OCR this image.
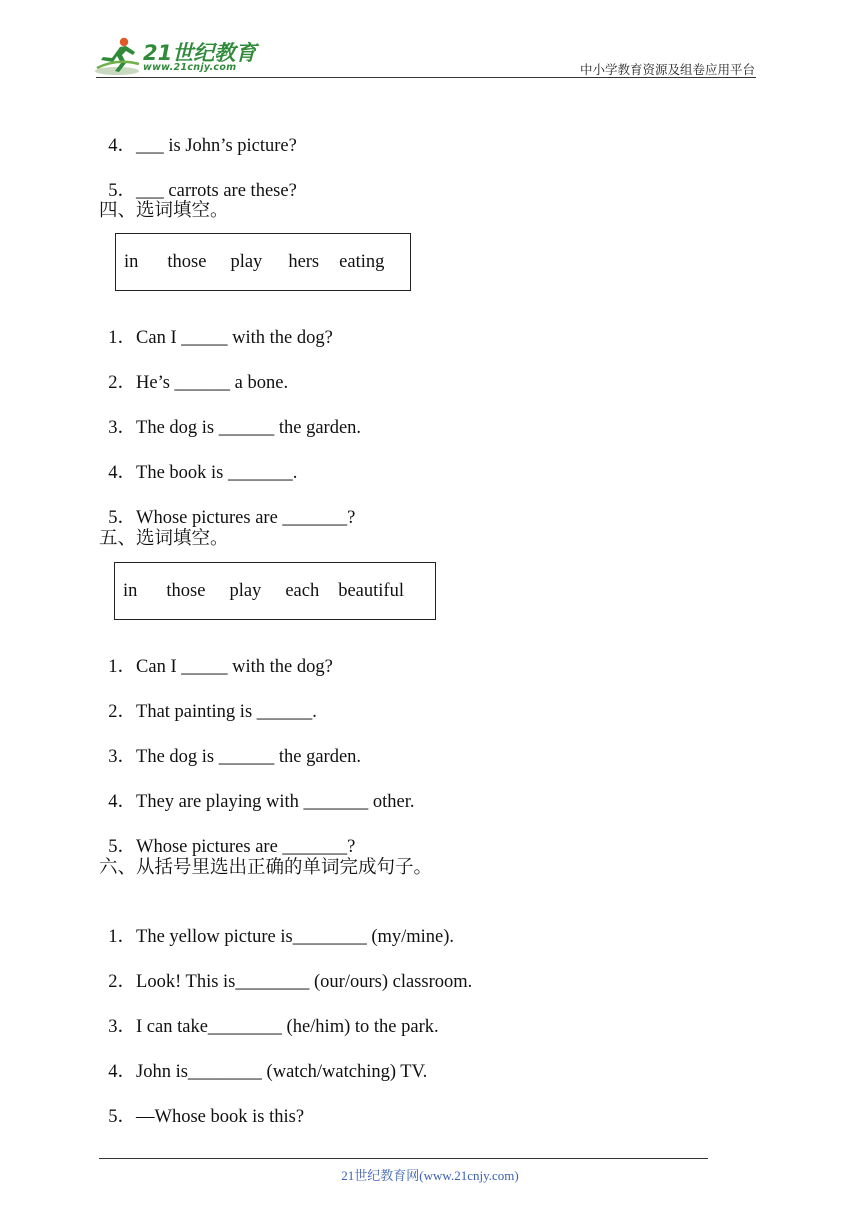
21世纪教育
www.21cnjy.com	中小学教育资源及组卷应用平台

4．___ is John’s picture?

5．___ carrots are these?

四、选词填空。
in those play hers eating

1．Can I _____ with the dog?

2．He’s ______ a bone.

3．The dog is ______ the garden.

4．The book is _______.

5．Whose pictures are _______?

五、选词填空。
in those play each beautiful

1．Can I _____ with the dog?

2．That painting is ______.

3．The dog is ______ the garden.

4．They are playing with _______ other.

5．Whose pictures are _______?

六、从括号里选出正确的单词完成句子。

1．The yellow picture is________ (my/mine).

2．Look! This is________ (our/ours) classroom.

3．I can take________ (he/him) to the park.

4．John is________ (watch/watching) TV.

5．—Whose book is this?

21世纪教育网(www.21cnjy.com)
